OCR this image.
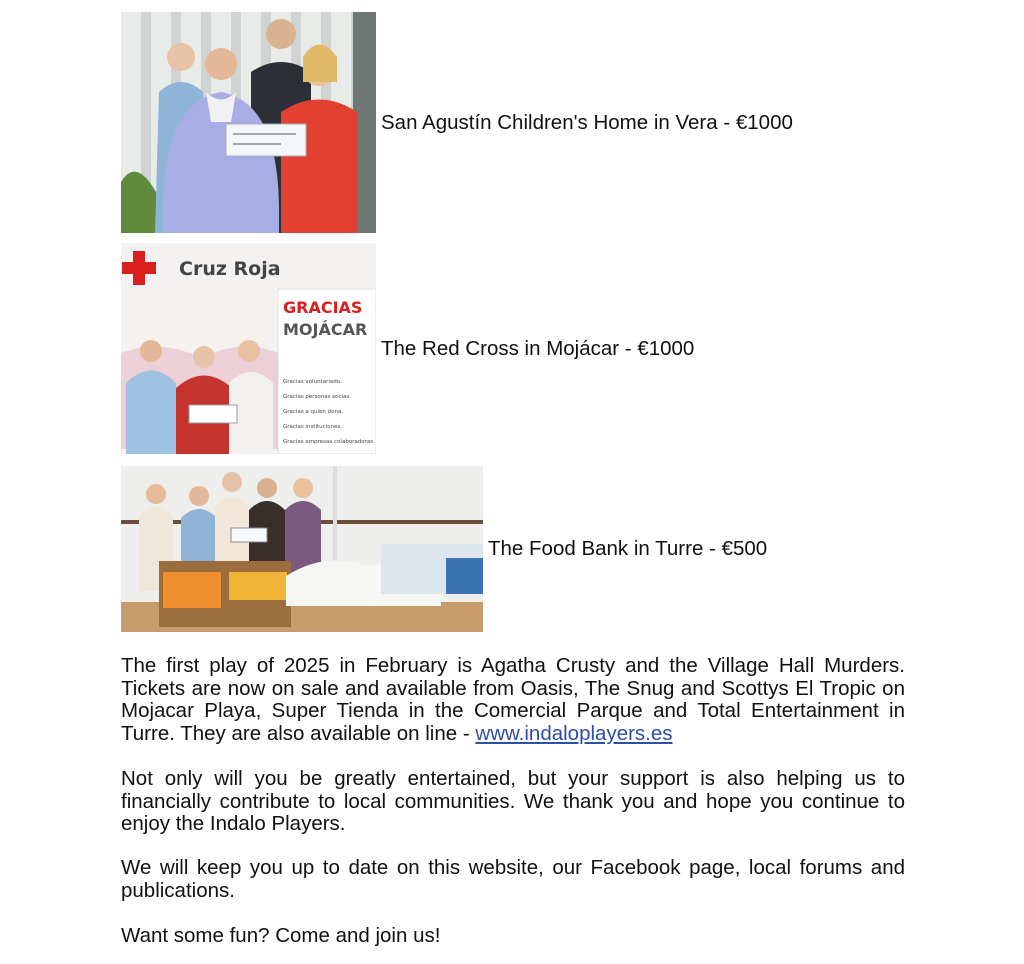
San Agustín Children's Home in Vera - €1000
Cruz Roja
GRACIAS
MOJÁCAR
Gracias voluntariado.
Gracias personas socias.
Gracias a quien dona.
Gracias instituciones.
Gracias empresas colaboradoras
The Red Cross in Mojácar - €1000
The Food Bank in Turre - €500

The first play of 2025 in February is Agatha Crusty and the Village Hall Murders. Tickets are now on sale and available from Oasis, The Snug and Scottys El Tropic on Mojacar Playa, Super Tienda in the Comercial Parque and Total Entertainment in Turre. They are also available on line - www.indaloplayers.es

Not only will you be greatly entertained, but your support is also helping us to financially contribute to local communities. We thank you and hope you continue to enjoy the Indalo Players.

We will keep you up to date on this website, our Facebook page, local forums and publications.

Want some fun? Come and join us!
